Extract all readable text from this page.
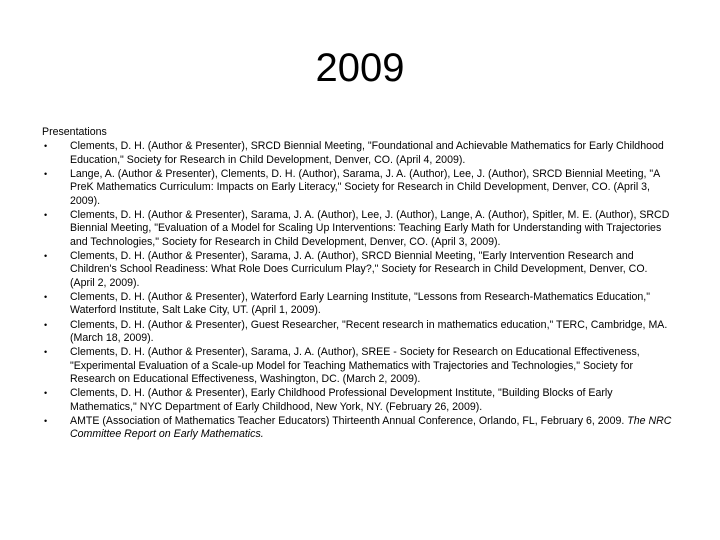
2009
Presentations
•	Clements, D. H. (Author & Presenter), SRCD Biennial Meeting, "Foundational and Achievable Mathematics for Early Childhood Education," Society for Research in Child Development, Denver, CO. (April 4, 2009).
•	Lange, A. (Author & Presenter), Clements, D. H. (Author), Sarama, J. A. (Author), Lee, J. (Author), SRCD Biennial Meeting, "A PreK Mathematics Curriculum: Impacts on Early Literacy," Society for Research in Child Development, Denver, CO. (April 3, 2009).
•	Clements, D. H. (Author & Presenter), Sarama, J. A. (Author), Lee, J. (Author), Lange, A. (Author), Spitler, M. E. (Author), SRCD Biennial Meeting, "Evaluation of a Model for Scaling Up Interventions: Teaching Early Math for Understanding with Trajectories and Technologies," Society for Research in Child Development, Denver, CO. (April 3, 2009).
•	Clements, D. H. (Author & Presenter), Sarama, J. A. (Author), SRCD Biennial Meeting, "Early Intervention Research and Children's School Readiness: What Role Does Curriculum Play?," Society for Research in Child Development, Denver, CO. (April 2, 2009).
•	Clements, D. H. (Author & Presenter), Waterford Early Learning Institute, "Lessons from Research-Mathematics Education," Waterford Institute, Salt Lake City, UT. (April 1, 2009).
•	Clements, D. H. (Author & Presenter), Guest Researcher, "Recent research in mathematics education," TERC, Cambridge, MA. (March 18, 2009).
•	Clements, D. H. (Author & Presenter), Sarama, J. A. (Author), SREE - Society for Research on Educational Effectiveness, "Experimental Evaluation of a Scale-up Model for Teaching Mathematics with Trajectories and Technologies," Society for Research on Educational Effectiveness, Washington, DC. (March 2, 2009).
•	Clements, D. H. (Author & Presenter), Early Childhood Professional Development Institute, "Building Blocks of Early Mathematics," NYC Department of Early Childhood, New York, NY. (February 26, 2009).
•	AMTE (Association of Mathematics Teacher Educators) Thirteenth Annual Conference, Orlando, FL, February 6, 2009. The NRC Committee Report on Early Mathematics.
